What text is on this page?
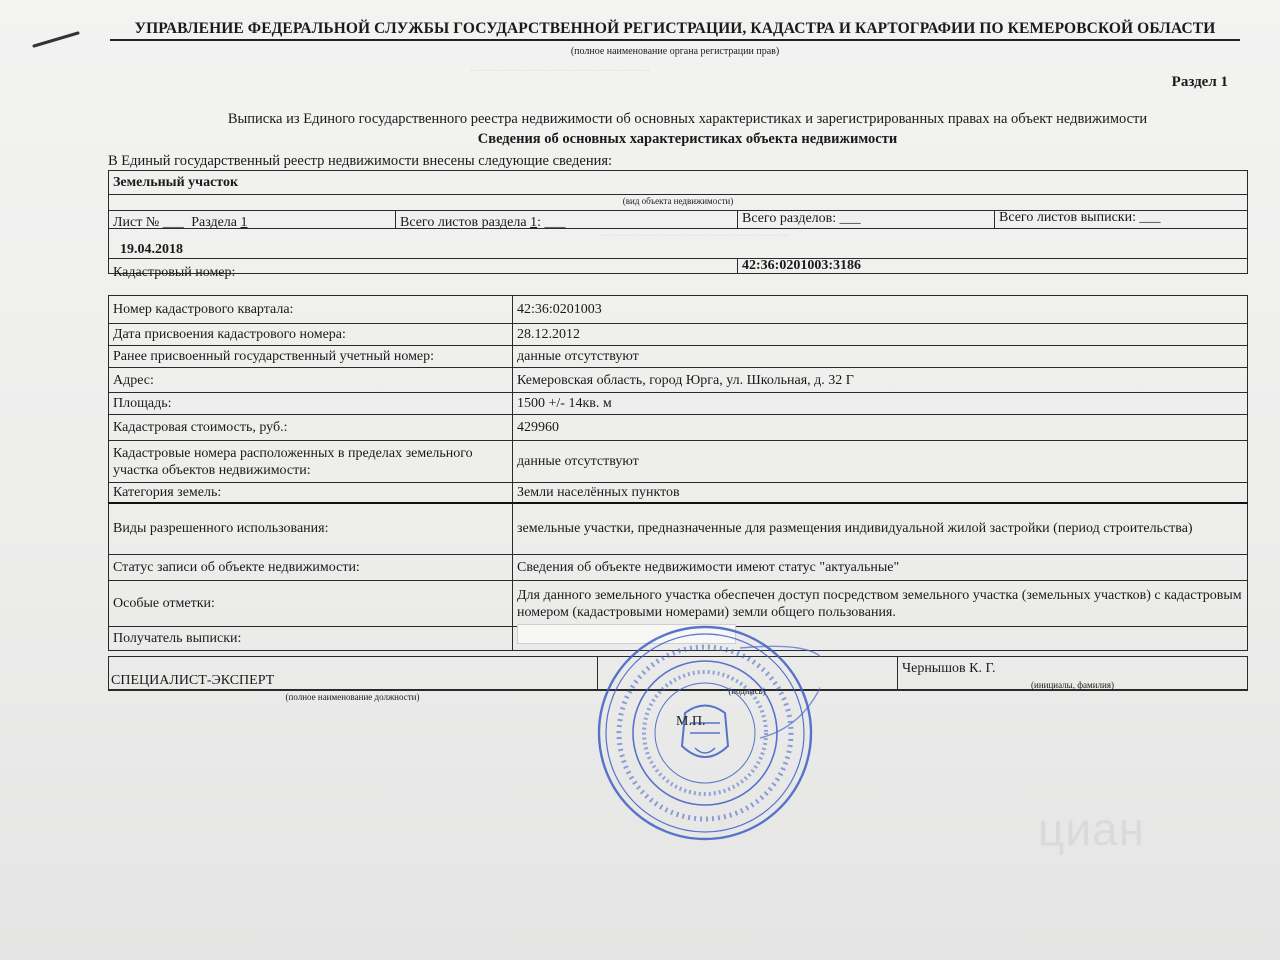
............................................................
...............................................................
УПРАВЛЕНИЕ ФЕДЕРАЛЬНОЙ СЛУЖБЫ ГОСУДАРСТВЕННОЙ РЕГИСТРАЦИИ, КАДАСТРА И КАРТОГРАФИИ ПО КЕМЕРОВСКОЙ ОБЛАСТИ
(полное наименование органа регистрации прав)
Раздел 1
Выписка из Единого государственного реестра недвижимости об основных характеристиках и зарегистрированных правах на объект недвижимости
Сведения об основных характеристиках объекта недвижимости
В Единый государственный реестр недвижимости внесены следующие сведения:
Земельный участок
(вид объекта недвижимости)
Лист № ___ Раздела 1	Всего листов раздела 1: ___	Всего разделов: ___	Всего листов выписки: ___
19.04.2018
Кадастровый номер:	42:36:0201003:3186
Номер кадастрового квартала:	42:36:0201003
Дата присвоения кадастрового номера:	28.12.2012
Ранее присвоенный государственный учетный номер:	данные отсутствуют
Адрес:	Кемеровская область, город Юрга, ул. Школьная, д. 32 Г
Площадь:	1500 +/- 14кв. м
Кадастровая стоимость, руб.:	429960
Кадастровые номера расположенных в пределах земельного участка объектов недвижимости:	данные отсутствуют
Категория земель:	Земли населённых пунктов
Виды разрешенного использования:	земельные участки, предназначенные для размещения индивидуальной жилой застройки (период строительства)
Статус записи об объекте недвижимости:	Сведения об объекте недвижимости имеют статус "актуальные"
Особые отметки:	Для данного земельного участка обеспечен доступ посредством земельного участка (земельных участков) с кадастровым номером (кадастровыми номерами) земли общего пользования.
Получатель выписки:	
СПЕЦИАЛИСТ-ЭКСПЕРТ
Чернышов К. Г.
(полное наименование должности)
(подпись)
(инициалы, фамилия)
М.П.
циан
